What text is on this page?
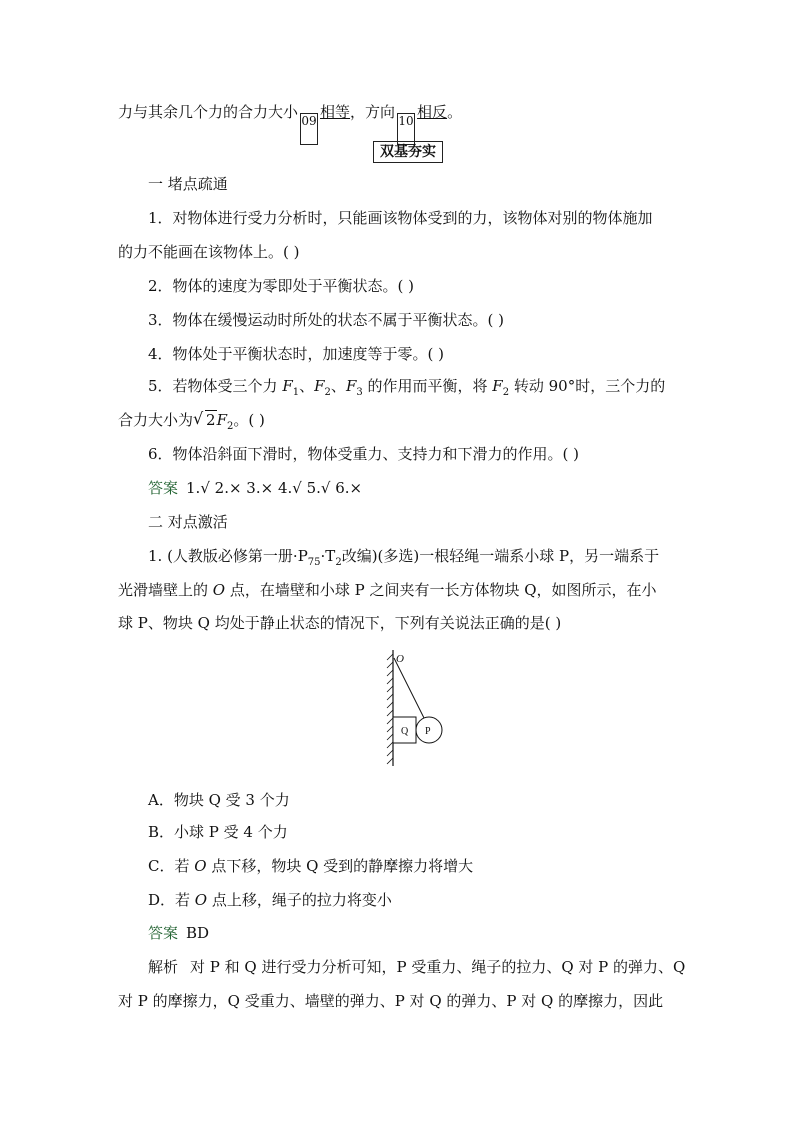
力与其余几个力的合力大小 09 相等，方向 10 相反。
双基夯实
一 堵点疏通
1．对物体进行受力分析时，只能画该物体受到的力，该物体对别的物体施加
的力不能画在该物体上。( )
2．物体的速度为零即处于平衡状态。( )
3．物体在缓慢运动时所处的状态不属于平衡状态。( )
4．物体处于平衡状态时，加速度等于零。( )
5．若物体受三个力 $F_1$、$F_2$、$F_3$ 的作用而平衡，将 $F_2$ 转动 90°时，三个力的
合力大小为√ $2F_2$。( )
6．物体沿斜面下滑时，物体受重力、支持力和下滑力的作用。( )
答案 1.√ 2.× 3.× 4.√ 5.√ 6.×
二 对点激活
1. (人教版必修第一册$\cdot P_{75}\cdot T_2$改编)(多选)一根轻绳一端系小球 P，另一端系于
光滑墙壁上的 O 点，在墙壁和小球 P 之间夹有一长方体物块 Q，如图所示，在小
球 P、物块 Q 均处于静止状态的情况下，下列有关说法正确的是( )
O
Q P
A．物块 Q 受 3 个力
B．小球 P 受 4 个力
C．若 O 点下移，物块 Q 受到的静摩擦力将增大
D．若 O 点上移，绳子的拉力将变小
答案 BD
解析 对 P 和 Q 进行受力分析可知，P 受重力、绳子的拉力、Q 对 P 的弹力、Q
对 P 的摩擦力，Q 受重力、墙壁的弹力、P 对 Q 的弹力、P 对 Q 的摩擦力，因此
